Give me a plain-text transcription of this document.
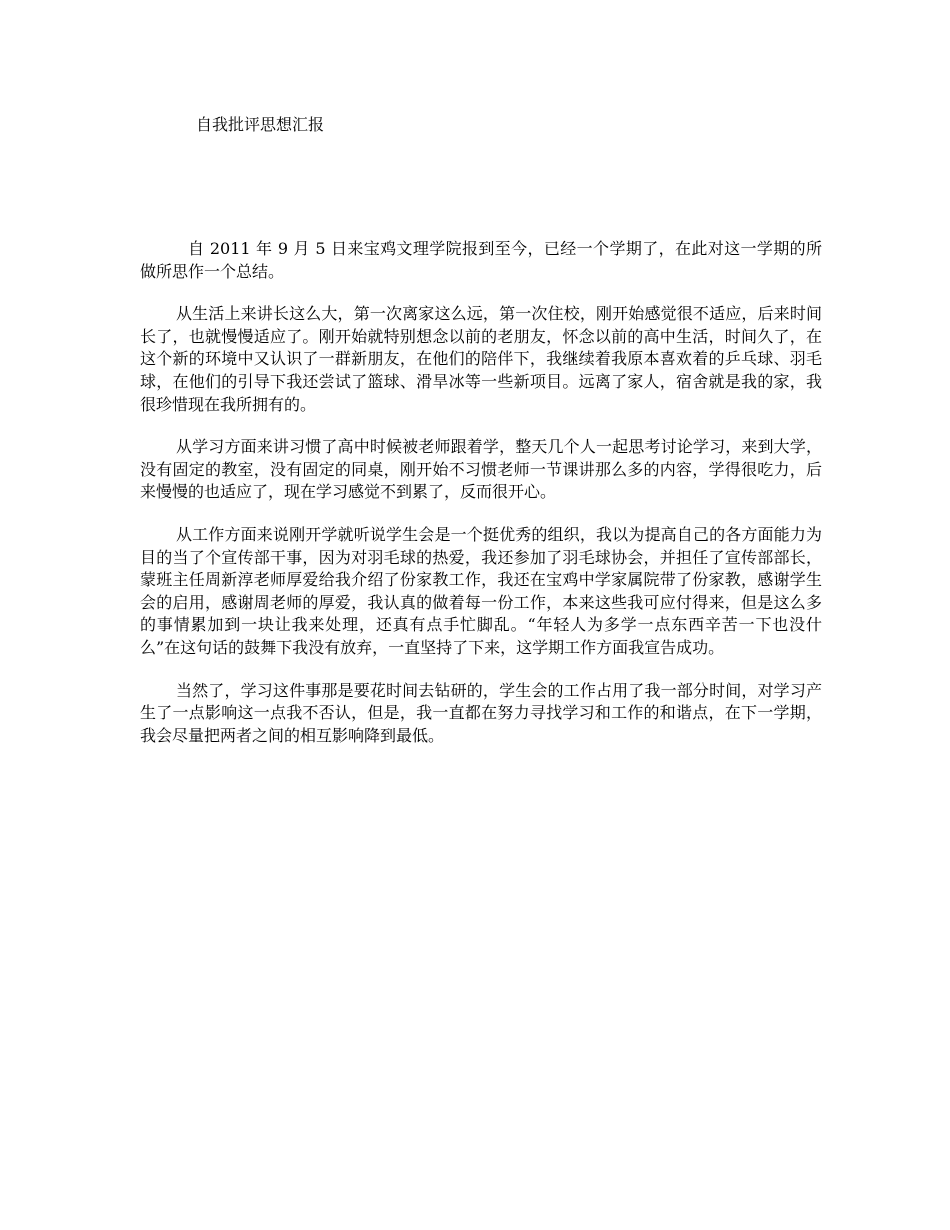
自我批评思想汇报

自 2011 年 9 月 5 日来宝鸡文理学院报到至今，已经一个学期了，在此对这一学期的所做所思作一个总结。

从生活上来讲长这么大，第一次离家这么远，第一次住校，刚开始感觉很不适应，后来时间长了，也就慢慢适应了。刚开始就特别想念以前的老朋友，怀念以前的高中生活，时间久了，在这个新的环境中又认识了一群新朋友，在他们的陪伴下，我继续着我原本喜欢着的乒乓球、羽毛球，在他们的引导下我还尝试了篮球、滑旱冰等一些新项目。远离了家人，宿舍就是我的家，我很珍惜现在我所拥有的。

从学习方面来讲习惯了高中时候被老师跟着学，整天几个人一起思考讨论学习，来到大学，没有固定的教室，没有固定的同桌，刚开始不习惯老师一节课讲那么多的内容，学得很吃力，后来慢慢的也适应了，现在学习感觉不到累了，反而很开心。

从工作方面来说刚开学就听说学生会是一个挺优秀的组织，我以为提高自己的各方面能力为目的当了个宣传部干事，因为对羽毛球的热爱，我还参加了羽毛球协会，并担任了宣传部部长，蒙班主任周新淳老师厚爱给我介绍了份家教工作，我还在宝鸡中学家属院带了份家教，感谢学生会的启用，感谢周老师的厚爱，我认真的做着每一份工作，本来这些我可应付得来，但是这么多的事情累加到一块让我来处理，还真有点手忙脚乱。“年轻人为多学一点东西辛苦一下也没什么”在这句话的鼓舞下我没有放弃，一直坚持了下来，这学期工作方面我宣告成功。

当然了，学习这件事那是要花时间去钻研的，学生会的工作占用了我一部分时间，对学习产生了一点影响这一点我不否认，但是，我一直都在努力寻找学习和工作的和谐点，在下一学期，我会尽量把两者之间的相互影响降到最低。
